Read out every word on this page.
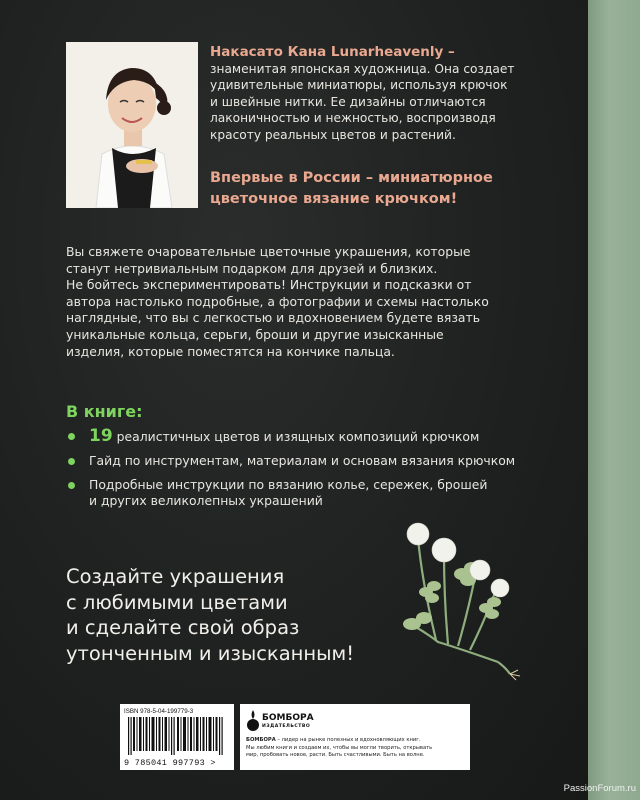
Накасато Кана Lunarheavenly –
знаменитая японская художница. Она создает
удивительные миниатюры, используя крючок
и швейные нитки. Ее дизайны отличаются
лаконичностью и нежностью, воспроизводя
красоту реальных цветов и растений.
Впервые в России – миниатюрное
цветочное вязание крючком!
Вы свяжете очаровательные цветочные украшения, которые
станут нетривиальным подарком для друзей и близких.
Не бойтесь экспериментировать! Инструкции и подсказки от
автора настолько подробные, а фотографии и схемы настолько
наглядные, что вы с легкостью и вдохновением будете вязать
уникальные кольца, серьги, броши и другие изысканные
изделия, которые поместятся на кончике пальца.
В книге:
19 реалистичных цветов и изящных композиций крючком
Гайд по инструментам, материалам и основам вязания крючком
Подробные инструкции по вязанию колье, сережек, брошей
и других великолепных украшений
Создайте украшения
с любимыми цветами
и сделайте свой образ
утонченным и изысканным!
ISBN 978-5-04-199779-3
9 785041 997793 >
БОМБОРА
ИЗДАТЕЛЬСТВО
БОМБОРА – лидер на рынке полезных и вдохновляющих книг.
Мы любим книги и создаем их, чтобы вы могли творить, открывать
мир, пробовать новое, расти. Быть счастливыми. Быть на волне.
PassionForum.ru
